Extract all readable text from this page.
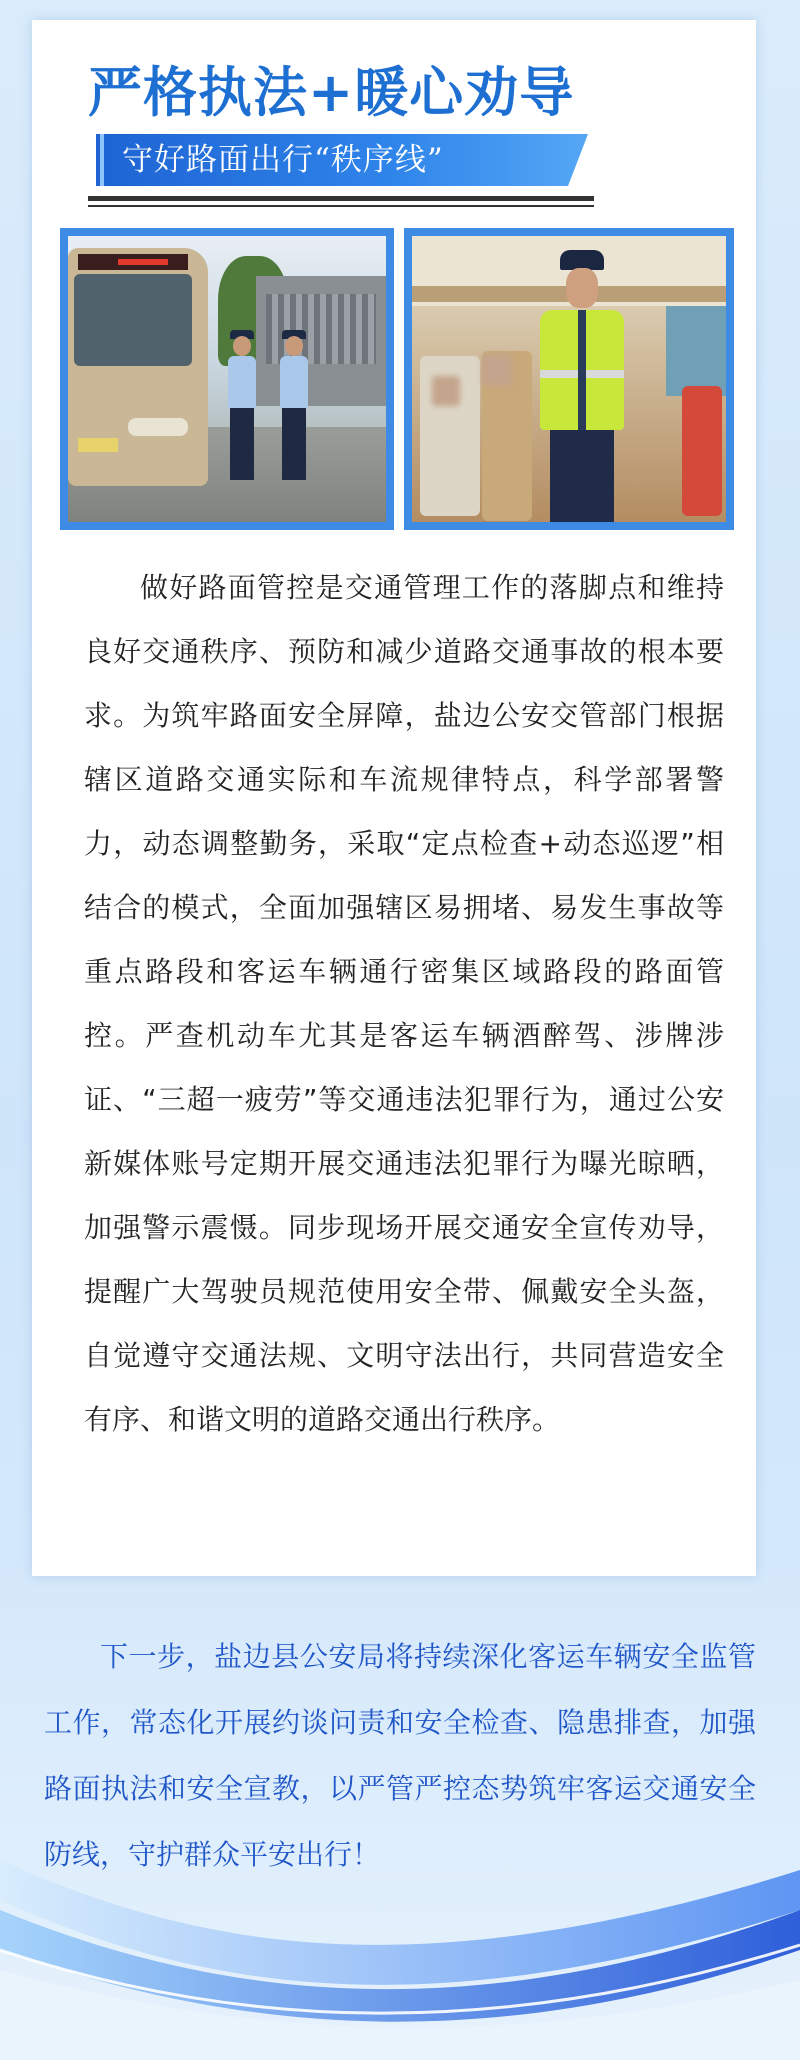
严格执法+暖心劝导
守好路面出行“秩序线”

做好路面管控是交通管理工作的落脚点和维持良好交通秩序、预防和减少道路交通事故的根本要求。为筑牢路面安全屏障，盐边公安交管部门根据辖区道路交通实际和车流规律特点，科学部署警力，动态调整勤务，采取“定点检查+动态巡逻”相结合的模式，全面加强辖区易拥堵、易发生事故等重点路段和客运车辆通行密集区域路段的路面管控。严查机动车尤其是客运车辆酒醉驾、涉牌涉证、“三超一疲劳”等交通违法犯罪行为，通过公安新媒体账号定期开展交通违法犯罪行为曝光晾晒，加强警示震慑。同步现场开展交通安全宣传劝导，提醒广大驾驶员规范使用安全带、佩戴安全头盔，自觉遵守交通法规、文明守法出行，共同营造安全有序、和谐文明的道路交通出行秩序。

下一步，盐边县公安局将持续深化客运车辆安全监管工作，常态化开展约谈问责和安全检查、隐患排查，加强路面执法和安全宣教，以严管严控态势筑牢客运交通安全防线，守护群众平安出行！
